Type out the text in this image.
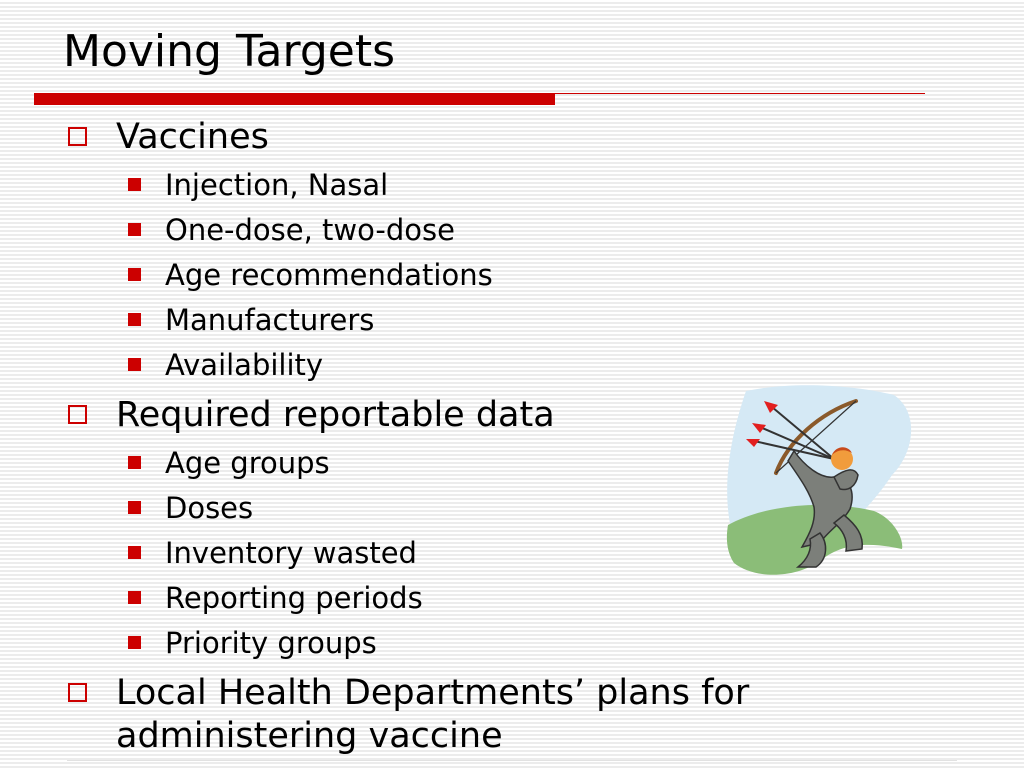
Moving Targets
Vaccines
Injection, Nasal
One-dose, two-dose
Age recommendations
Manufacturers
Availability
Required reportable data
Age groups
Doses
Inventory wasted
Reporting periods
Priority groups
Local Health Departments’ plans for
administering vaccine
